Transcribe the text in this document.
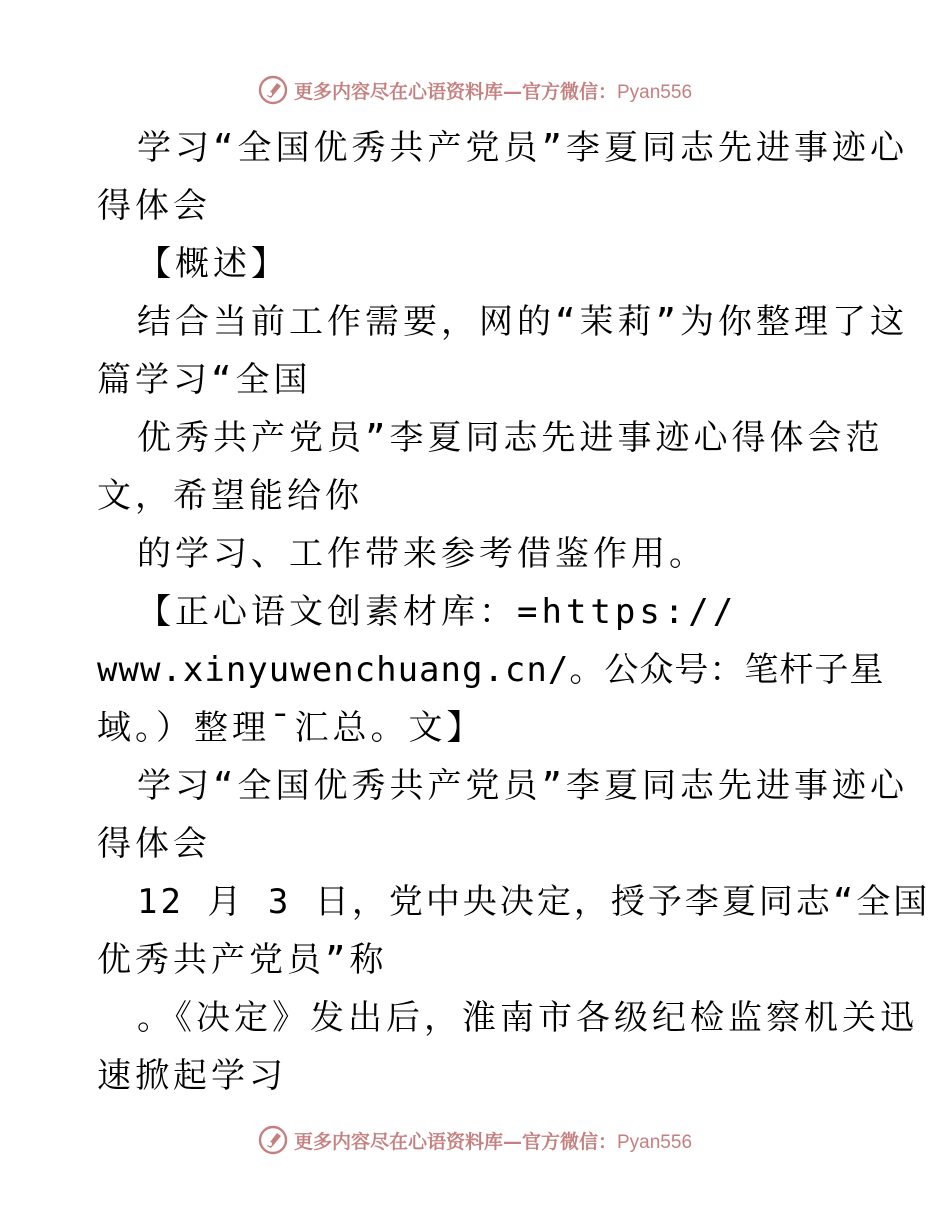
更多内容尽在心语资料库—官方微信：Pyan556
学习“全国优秀共产党员”李夏同志先进事迹心
得体会
【概述】
结合当前工作需要，网的“茉莉”为你整理了这
篇学习“全国
优秀共产党员”李夏同志先进事迹心得体会范
文，希望能给你
的学习、工作带来参考借鉴作用。
【正心语文创素材库：=https://
www.xinyuwenchuang.cn/。公众号：笔杆子星
域。）整理¯汇总。文】
学习“全国优秀共产党员”李夏同志先进事迹心
得体会
12 月 3 日，党中央决定，授予李夏同志“全国
优秀共产党员”称
。《决定》发出后，淮南市各级纪检监察机关迅
速掀起学习
更多内容尽在心语资料库—官方微信：Pyan556
